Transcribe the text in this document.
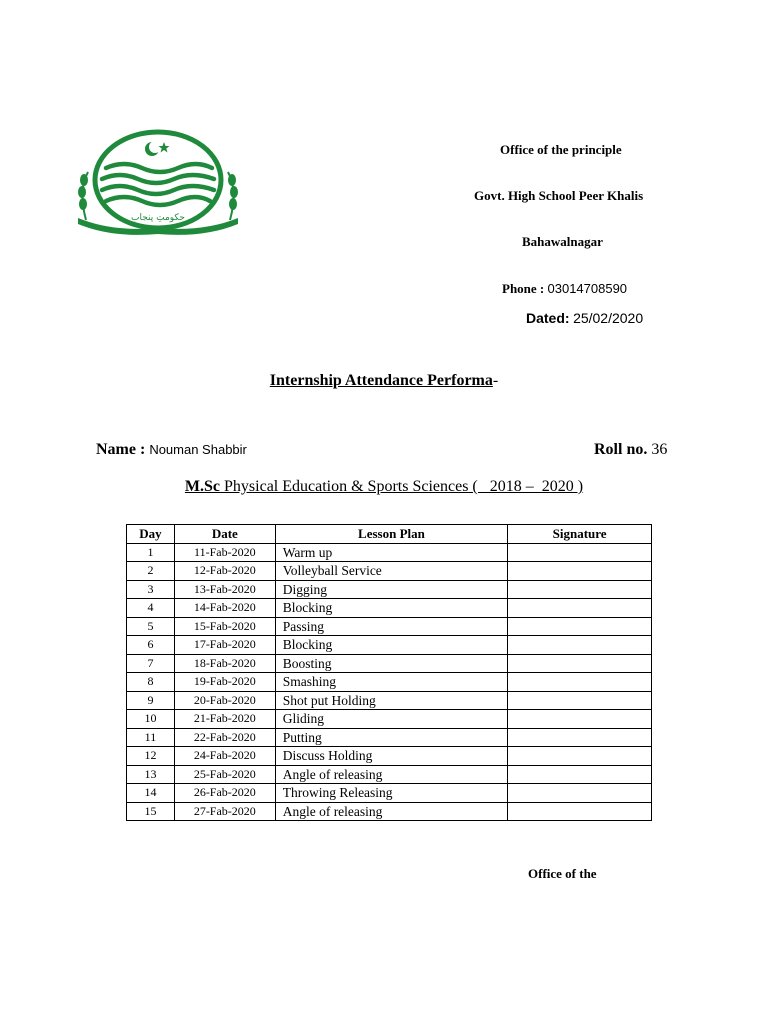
حکومتِ پنجاب
Office of the principle
Govt. High School Peer Khalis
Bahawalnagar
Phone : 03014708590
Dated: 25/02/2020
Internship Attendance Performa-
Name : Nouman Shabbir	Roll no. 36
M.Sc Physical Education & Sports Sciences (   2018 –  2020 )
Day	Date	Lesson Plan	Signature
1	11-Fab-2020	Warm up	
2	12-Fab-2020	Volleyball Service	
3	13-Fab-2020	Digging	
4	14-Fab-2020	Blocking	
5	15-Fab-2020	Passing	
6	17-Fab-2020	Blocking	
7	18-Fab-2020	Boosting	
8	19-Fab-2020	Smashing	
9	20-Fab-2020	Shot put Holding	
10	21-Fab-2020	Gliding	
11	22-Fab-2020	Putting	
12	24-Fab-2020	Discuss Holding	
13	25-Fab-2020	Angle of releasing	
14	26-Fab-2020	Throwing Releasing	
15	27-Fab-2020	Angle of releasing	
Office of the
